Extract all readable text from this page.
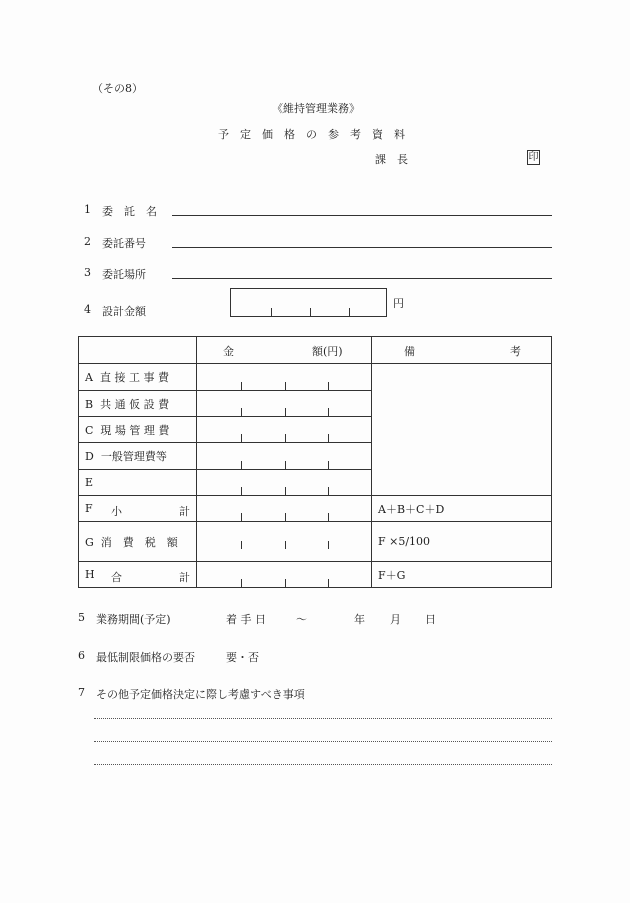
（その8）
《維持管理業務》
予　定　価　格　の　参　考　資　料
課　長	印
1 委　託　名
2 委託番号
3 委託場所
4 設計金額
円

	金 額(円)	備 考

A 直 接 工 事 費	

B 共 通 仮 設 費		

C 現 場 管 理 費		

D 一般管理費等		

E		

F 小 計		A＋B＋C＋D
G 消　費　税　額		F ×5/100
H 合 計		F＋G
5 業務期間(予定)	着 手 日	～	年 月 日
6 最低制限価格の要否	要・否
7 その他予定価格決定に際し考慮すべき事項
